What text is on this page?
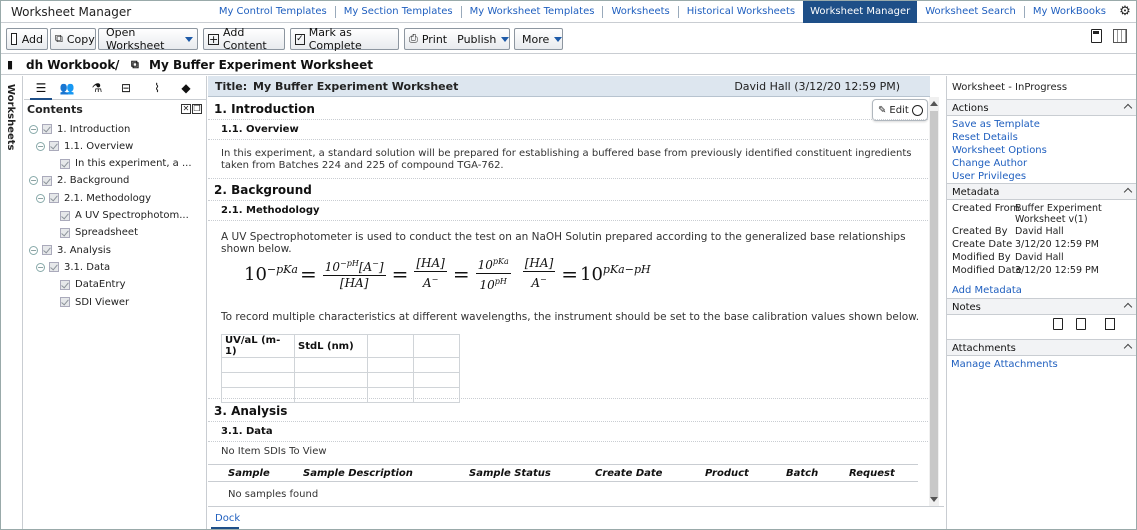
Worksheet Manager	My Control Templates	My Section Templates	My Worksheet Templates	Worksheets	Historical Worksheets	Worksheet Manager	Worksheet Search	My WorkBooks	⚙
Add ⧉ Copy Open Worksheet	+ Add Content
✓ Mark as Complete
⎙ Print Publish More
▮ dh Workbook / ⧉ My Buffer Experiment Worksheet
Worksheets	☰	👥	⚗	⊟	⌇	◆
Contents	✕ ❐
− 1. Introduction
− 1.1. Overview
In this experiment, a ...
− 2. Background
− 2.1. Methodology
A UV Spectrophotom...
Spreadsheet
− 3. Analysis
− 3.1. Data
DataEntry
SDI Viewer
Title: My Buffer Experiment Worksheet	David Hall (3/12/20 12:59 PM)
1. Introduction	✎ Edit
1.1. Overview
In this experiment, a standard solution will be prepared for establishing a buffered base from previously identified constituent ingredients taken from Batches 224 and 225 of compound TGA-762.
2. Background
2.1. Methodology
A UV Spectrophotometer is used to conduct the test on an NaOH Solutin prepared according to the generalized base relationships shown below.
$10^{-pKa} = \frac{10^{-pH}[A^-]}{[HA]} = \frac{[HA]}{A^-} = \frac{10^{pKa}}{10^{pH}} \frac{[HA]}{A^-} = 10^{pKa-pH}$
To record multiple characteristics at different wavelengths, the instrument should be set to the base calibration values shown below.
UV/aL (m-1)	StdL (nm)		

3. Analysis
3.1. Data
No Item SDIs To View
Sample	Sample Description	Sample Status	Create Date	Product	Batch	Request
No samples found
Dock
Worksheet - InProgress
Actions
Save as Template
Reset Details
Worksheet Options
Change Author
User Privileges
Metadata
Created From
Buffer Experiment Worksheet v(1)
Created By David Hall
Create Date 3/12/20 12:59 PM
Modified By David Hall
Modified Date
3/12/20 12:59 PM
Add Metadata
Notes
Attachments
Manage Attachments
